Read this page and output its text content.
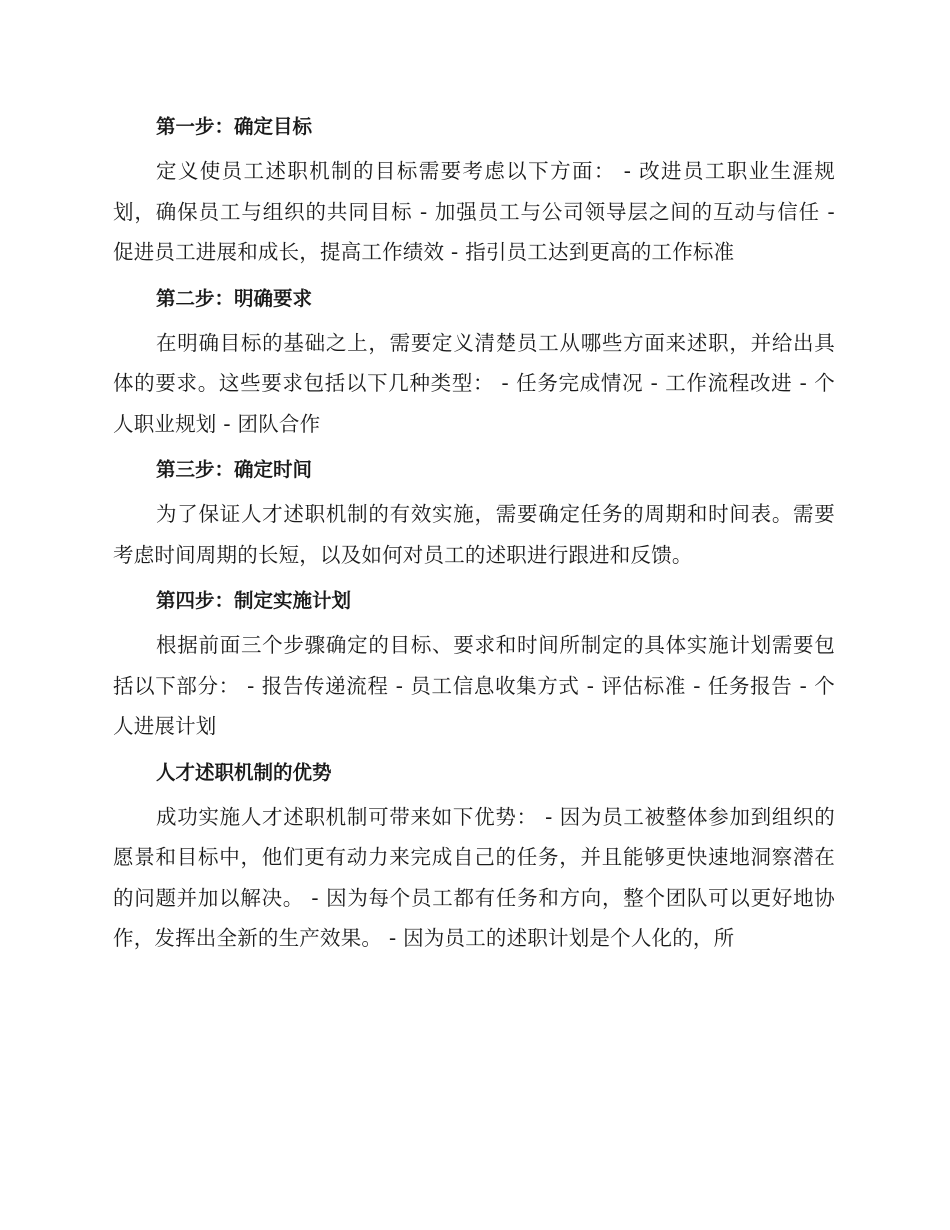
第一步：确定目标

定义使员工述职机制的目标需要考虑以下方面： - 改进员工职业生涯规划，确保员工与组织的共同目标 - 加强员工与公司领导层之间的互动与信任 - 促进员工进展和成长，提高工作绩效 - 指引员工达到更高的工作标准

第二步：明确要求

在明确目标的基础之上，需要定义清楚员工从哪些方面来述职，并给出具体的要求。这些要求包括以下几种类型： - 任务完成情况 - 工作流程改进 - 个人职业规划 - 团队合作

第三步：确定时间

为了保证人才述职机制的有效实施，需要确定任务的周期和时间表。需要考虑时间周期的长短，以及如何对员工的述职进行跟进和反馈。

第四步：制定实施计划

根据前面三个步骤确定的目标、要求和时间所制定的具体实施计划需要包括以下部分： - 报告传递流程 - 员工信息收集方式 - 评估标准 - 任务报告 - 个人进展计划

人才述职机制的优势

成功实施人才述职机制可带来如下优势： - 因为员工被整体参加到组织的愿景和目标中，他们更有动力来完成自己的任务，并且能够更快速地洞察潜在的问题并加以解决。 - 因为每个员工都有任务和方向，整个团队可以更好地协作，发挥出全新的生产效果。 - 因为员工的述职计划是个人化的，所
